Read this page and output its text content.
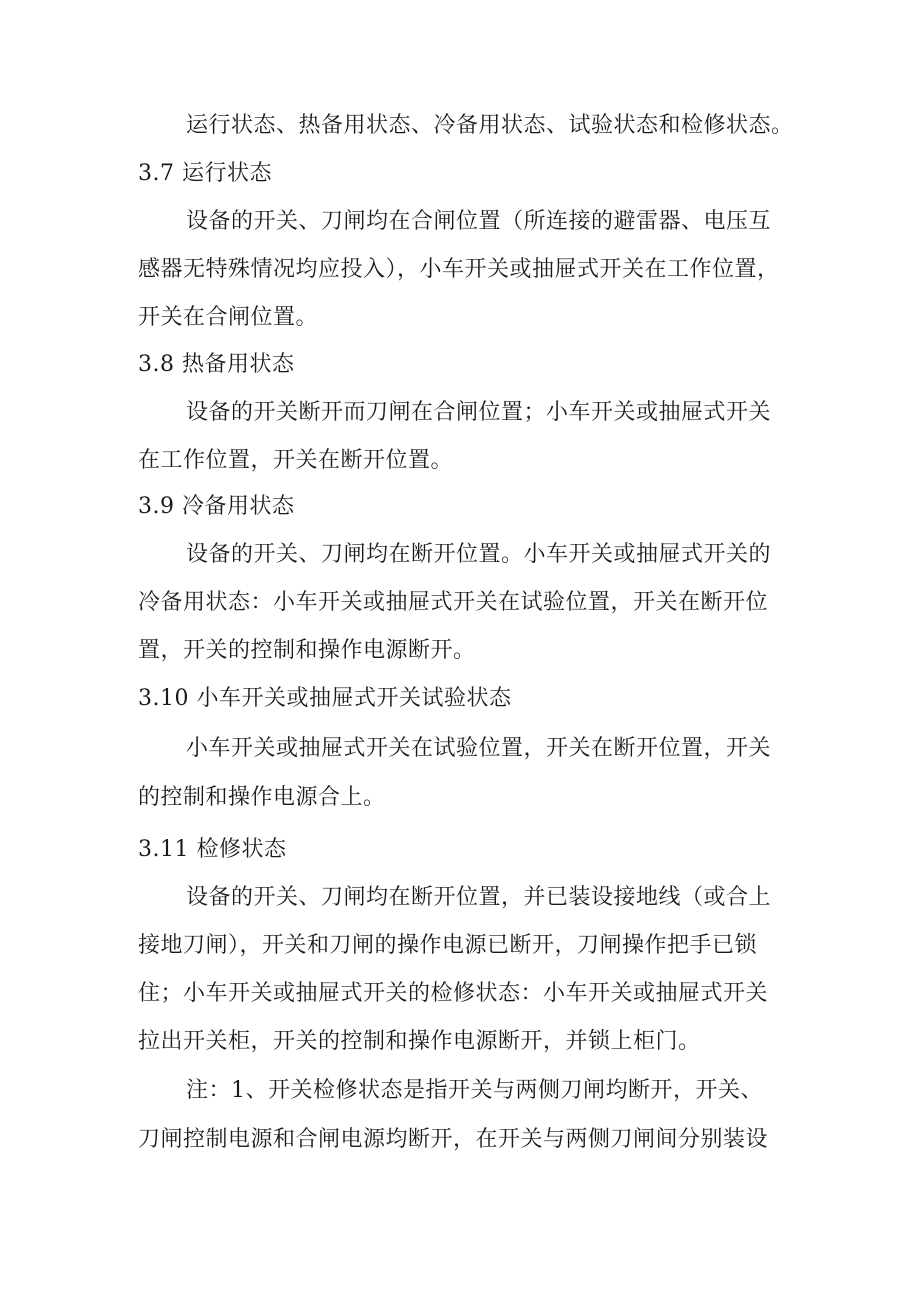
运行状态、热备用状态、冷备用状态、试验状态和检修状态。
3.7 运行状态
设备的开关、刀闸均在合闸位置（所连接的避雷器、电压互
感器无特殊情况均应投入），小车开关或抽屉式开关在工作位置，
开关在合闸位置。
3.8 热备用状态
设备的开关断开而刀闸在合闸位置；小车开关或抽屉式开关
在工作位置，开关在断开位置。
3.9 冷备用状态
设备的开关、刀闸均在断开位置。小车开关或抽屉式开关的
冷备用状态：小车开关或抽屉式开关在试验位置，开关在断开位
置，开关的控制和操作电源断开。
3.10 小车开关或抽屉式开关试验状态
小车开关或抽屉式开关在试验位置，开关在断开位置，开关
的控制和操作电源合上。
3.11 检修状态
设备的开关、刀闸均在断开位置，并已装设接地线（或合上
接地刀闸），开关和刀闸的操作电源已断开，刀闸操作把手已锁
住；小车开关或抽屉式开关的检修状态：小车开关或抽屉式开关
拉出开关柜，开关的控制和操作电源断开，并锁上柜门。
注：1、开关检修状态是指开关与两侧刀闸均断开，开关、
刀闸控制电源和合闸电源均断开，在开关与两侧刀闸间分别装设
